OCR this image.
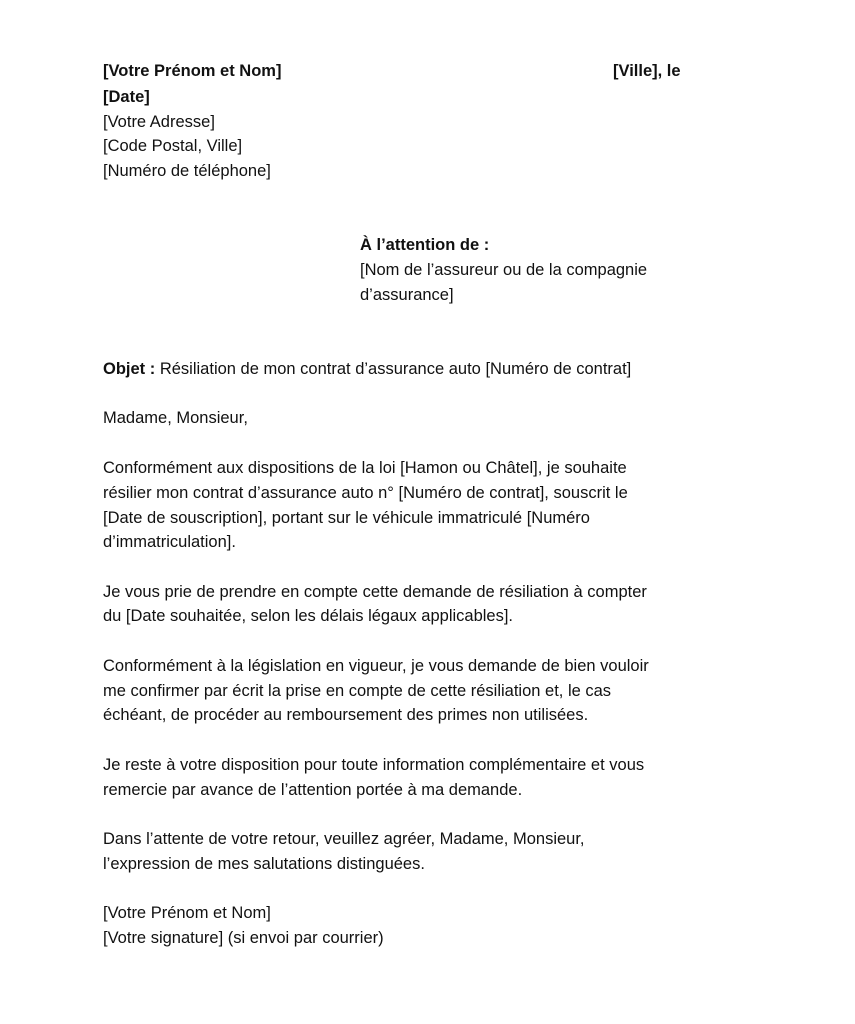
[Votre Prénom et Nom]	[Ville], le
[Date]
[Votre Adresse]
[Code Postal, Ville]
[Numéro de téléphone]
À l’attention de :
[Nom de l’assureur ou de la compagnie
d’assurance]
Objet : Résiliation de mon contrat d’assurance auto [Numéro de contrat]
Madame, Monsieur,
Conformément aux dispositions de la loi [Hamon ou Châtel], je souhaite
résilier mon contrat d’assurance auto n° [Numéro de contrat], souscrit le
[Date de souscription], portant sur le véhicule immatriculé [Numéro
d’immatriculation].
Je vous prie de prendre en compte cette demande de résiliation à compter
du [Date souhaitée, selon les délais légaux applicables].
Conformément à la législation en vigueur, je vous demande de bien vouloir
me confirmer par écrit la prise en compte de cette résiliation et, le cas
échéant, de procéder au remboursement des primes non utilisées.
Je reste à votre disposition pour toute information complémentaire et vous
remercie par avance de l’attention portée à ma demande.
Dans l’attente de votre retour, veuillez agréer, Madame, Monsieur,
l’expression de mes salutations distinguées.
[Votre Prénom et Nom]
[Votre signature] (si envoi par courrier)
